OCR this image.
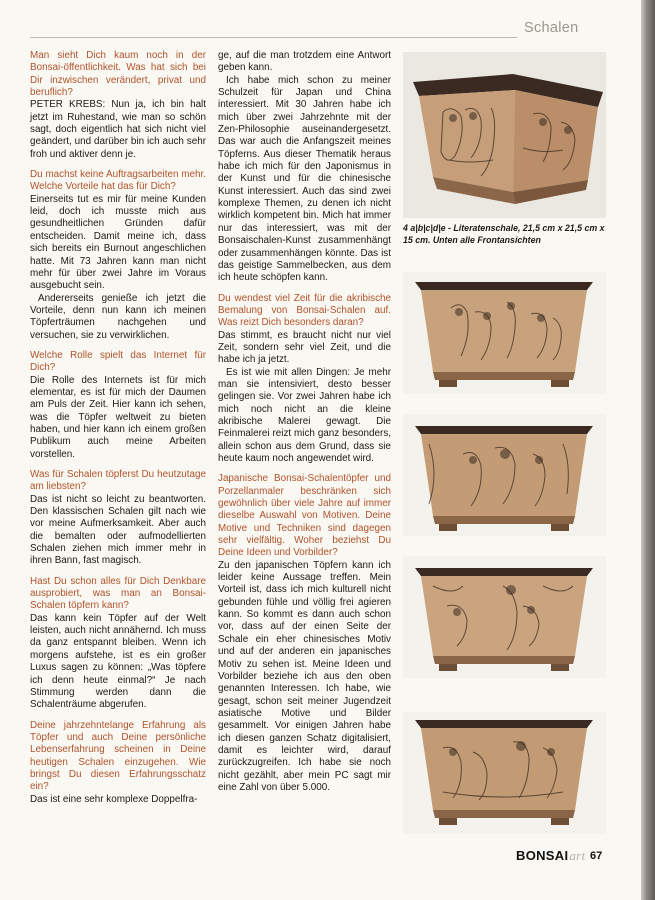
Schalen

Man sieht Dich kaum noch in der Bonsai-öffentlichkeit. Was hat sich bei Dir inzwischen verändert, privat und beruflich?

PETER KREBS: Nun ja, ich bin halt jetzt im Ruhestand, wie man so schön sagt, doch eigentlich hat sich nicht viel geändert, und darüber bin ich auch sehr froh und aktiver denn je.

Du machst keine Auftragsarbeiten mehr. Welche Vorteile hat das für Dich?

Einerseits tut es mir für meine Kunden leid, doch ich musste mich aus gesundheitlichen Gründen dafür entscheiden. Damit meine ich, dass sich bereits ein Burnout angeschlichen hatte. Mit 73 Jahren kann man nicht mehr für über zwei Jahre im Voraus ausgebucht sein.

Andererseits genieße ich jetzt die Vorteile, denn nun kann ich meinen Töpferträumen nachgehen und versuchen, sie zu verwirklichen.

Welche Rolle spielt das Internet für Dich?

Die Rolle des Internets ist für mich elementar, es ist für mich der Daumen am Puls der Zeit. Hier kann ich sehen, was die Töpfer weltweit zu bieten haben, und hier kann ich einem großen Publikum auch meine Arbeiten vorstellen.

Was für Schalen töpferst Du heutzutage am liebsten?

Das ist nicht so leicht zu beantworten. Den klassischen Schalen gilt nach wie vor meine Aufmerksamkeit. Aber auch die bemalten oder aufmodellierten Schalen ziehen mich immer mehr in ihren Bann, fast magisch.

Hast Du schon alles für Dich Denkbare ausprobiert, was man an Bonsai-Schalen töpfern kann?

Das kann kein Töpfer auf der Welt leisten, auch nicht annähernd. Ich muss da ganz entspannt bleiben. Wenn ich morgens aufstehe, ist es ein großer Luxus sagen zu können: „Was töpfere ich denn heute einmal?“ Je nach Stimmung werden dann die Schalenträume abgerufen.

Deine jahrzehntelange Erfahrung als Töpfer und auch Deine persönliche Lebenserfahrung scheinen in Deine heutigen Schalen einzugehen. Wie bringst Du diesen Erfahrungsschatz ein?

Das ist eine sehr komplexe Doppelfra-

ge, auf die man trotzdem eine Antwort geben kann.

Ich habe mich schon zu meiner Schulzeit für Japan und China interessiert. Mit 30 Jahren habe ich mich über zwei Jahrzehnte mit der Zen-Philosophie auseinandergesetzt. Das war auch die Anfangszeit meines Töpferns. Aus dieser Thematik heraus habe ich mich für den Japonismus in der Kunst und für die chinesische Kunst interessiert. Auch das sind zwei komplexe Themen, zu denen ich nicht wirklich kompetent bin. Mich hat immer nur das interessiert, was mit der Bonsaischalen-Kunst zusammenhängt oder zusammenhängen könnte. Das ist das geistige Sammelbecken, aus dem ich heute schöpfen kann.

Du wendest viel Zeit für die akribische Bemalung von Bonsai-Schalen auf. Was reizt Dich besonders daran?

Das stimmt, es braucht nicht nur viel Zeit, sondern sehr viel Zeit, und die habe ich ja jetzt.

Es ist wie mit allen Dingen: Je mehr man sie intensiviert, desto besser gelingen sie. Vor zwei Jahren habe ich mich noch nicht an die kleine akribische Malerei gewagt. Die Feinmalerei reizt mich ganz besonders, allein schon aus dem Grund, dass sie heute kaum noch angewendet wird.

Japanische Bonsai-Schalentöpfer und Porzellanmaler beschränken sich gewöhnlich über viele Jahre auf immer dieselbe Auswahl von Motiven. Deine Motive und Techniken sind dagegen sehr vielfältig. Woher beziehst Du Deine Ideen und Vorbilder?

Zu den japanischen Töpfern kann ich leider keine Aussage treffen. Mein Vorteil ist, dass ich mich kulturell nicht gebunden fühle und völlig frei agieren kann. So kommt es dann auch schon vor, dass auf der einen Seite der Schale ein eher chinesisches Motiv und auf der anderen ein japanisches Motiv zu sehen ist. Meine Ideen und Vorbilder beziehe ich aus den oben genannten Interessen. Ich habe, wie gesagt, schon seit meiner Jugendzeit asiatische Motive und Bilder gesammelt. Vor einigen Jahren habe ich diesen ganzen Schatz digitalisiert, damit es leichter wird, darauf zurückzugreifen. Ich habe sie noch nicht gezählt, aber mein PC sagt mir eine Zahl von über 5.000.

4 a|b|c|d|e - Literatenschale, 21,5 cm x 21,5 cm x 15 cm. Unten alle Frontansichten
BONSAIart 67
